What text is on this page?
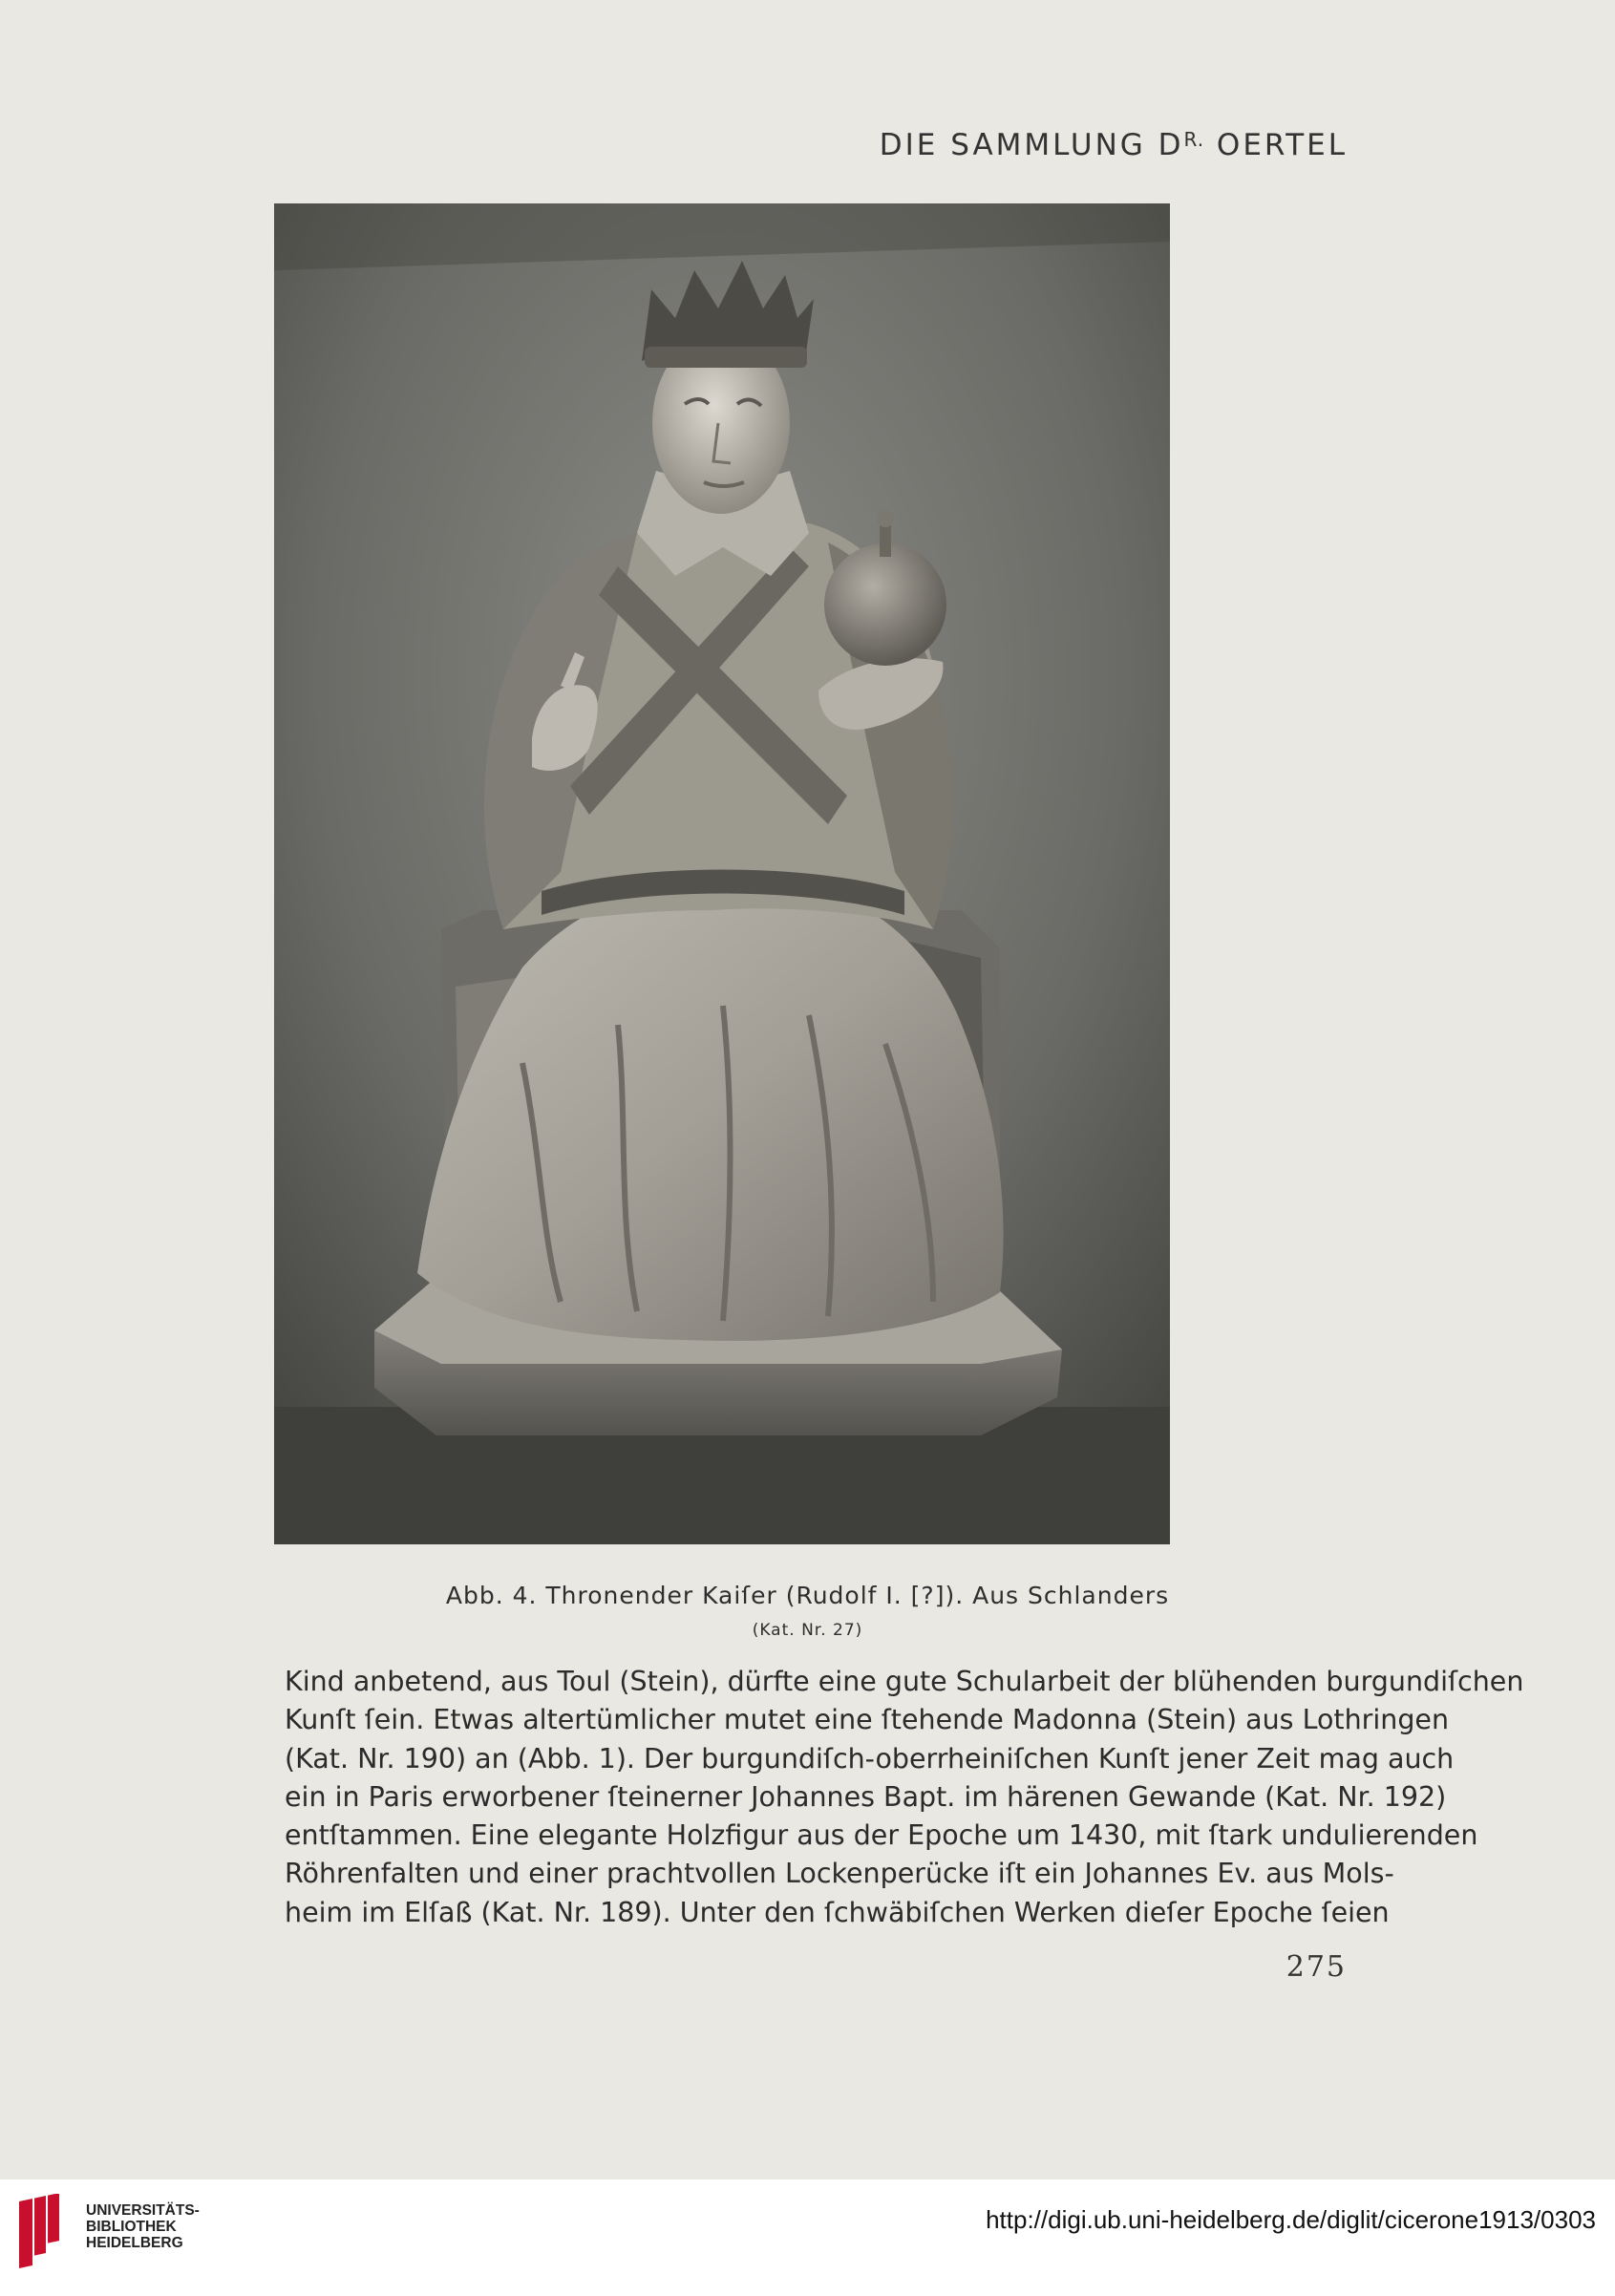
DIE SAMMLUNG $D^{R.}$ OERTEL
Abb. 4. Thronender Kaiſer (Rudolf I. [?]). Aus Schlanders
(Kat. Nr. 27)
Kind anbetend, aus Toul (Stein), dürfte eine gute Schularbeit der blühenden burgundiſchen
Kunſt ſein. Etwas altertümlicher mutet eine ſtehende Madonna (Stein) aus Lothringen
(Kat. Nr. 190) an (Abb. 1). Der burgundiſch-oberrheiniſchen Kunſt jener Zeit mag auch
ein in Paris erworbener ſteinerner Johannes Bapt. im härenen Gewande (Kat. Nr. 192)
entſtammen. Eine elegante Holzfigur aus der Epoche um 1430, mit ſtark undulierenden
Röhrenfalten und einer prachtvollen Lockenperücke iſt ein Johannes Ev. aus Mols-
heim im Elſaß (Kat. Nr. 189). Unter den ſchwäbiſchen Werken dieſer Epoche ſeien
275
UNIVERSITÄTS-
BIBLIOTHEK
HEIDELBERG
http://digi.ub.uni-heidelberg.de/diglit/cicerone1913/0303
